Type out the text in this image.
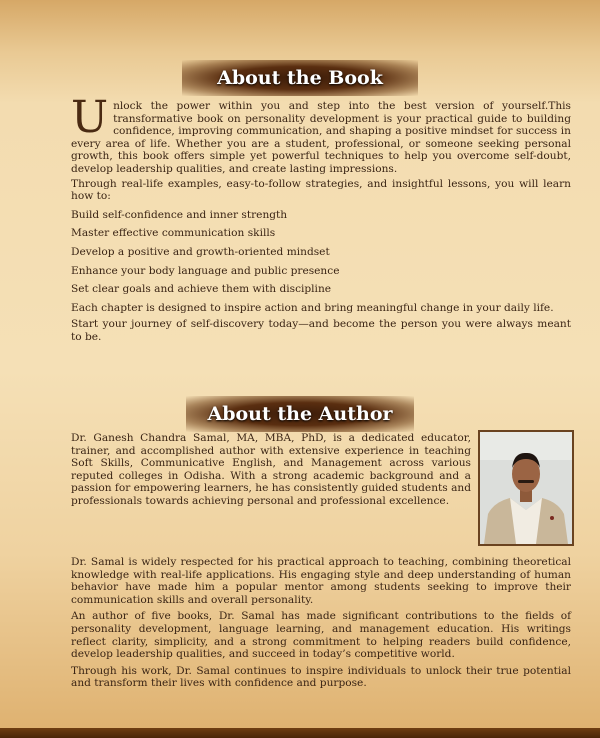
About the Book

Unlock the power within you and step into the best version of yourself.This transformative book on personality development is your practical guide to building confidence, improving communication, and shaping a positive mindset for success in every area of life. Whether you are a student, professional, or someone seeking personal growth, this book offers simple yet powerful techniques to help you overcome self-doubt, develop leadership qualities, and create lasting impressions.

Through real-life examples, easy-to-follow strategies, and insightful lessons, you will learn how to:

Build self-confidence and inner strength
Master effective communication skills
Develop a positive and growth-oriented mindset
Enhance your body language and public presence
Set clear goals and achieve them with discipline

Each chapter is designed to inspire action and bring meaningful change in your daily life.

Start your journey of self-discovery today—and become the person you were always meant to be.

About the Author

Dr. Ganesh Chandra Samal, MA, MBA, PhD, is a dedicated educator, trainer, and accomplished author with extensive experience in teaching Soft Skills, Communicative English, and Management across various reputed colleges in Odisha. With a strong academic background and a passion for empowering learners, he has consistently guided students and professionals towards achieving personal and professional excellence.

Dr. Samal is widely respected for his practical approach to teaching, combining theoretical knowledge with real-life applications. His engaging style and deep understanding of human behavior have made him a popular mentor among students seeking to improve their communication skills and overall personality.

An author of five books, Dr. Samal has made significant contributions to the fields of personality development, language learning, and management education. His writings reflect clarity, simplicity, and a strong commitment to helping readers build confidence, develop leadership qualities, and succeed in today’s competitive world.

Through his work, Dr. Samal continues to inspire individuals to unlock their true potential and transform their lives with confidence and purpose.
